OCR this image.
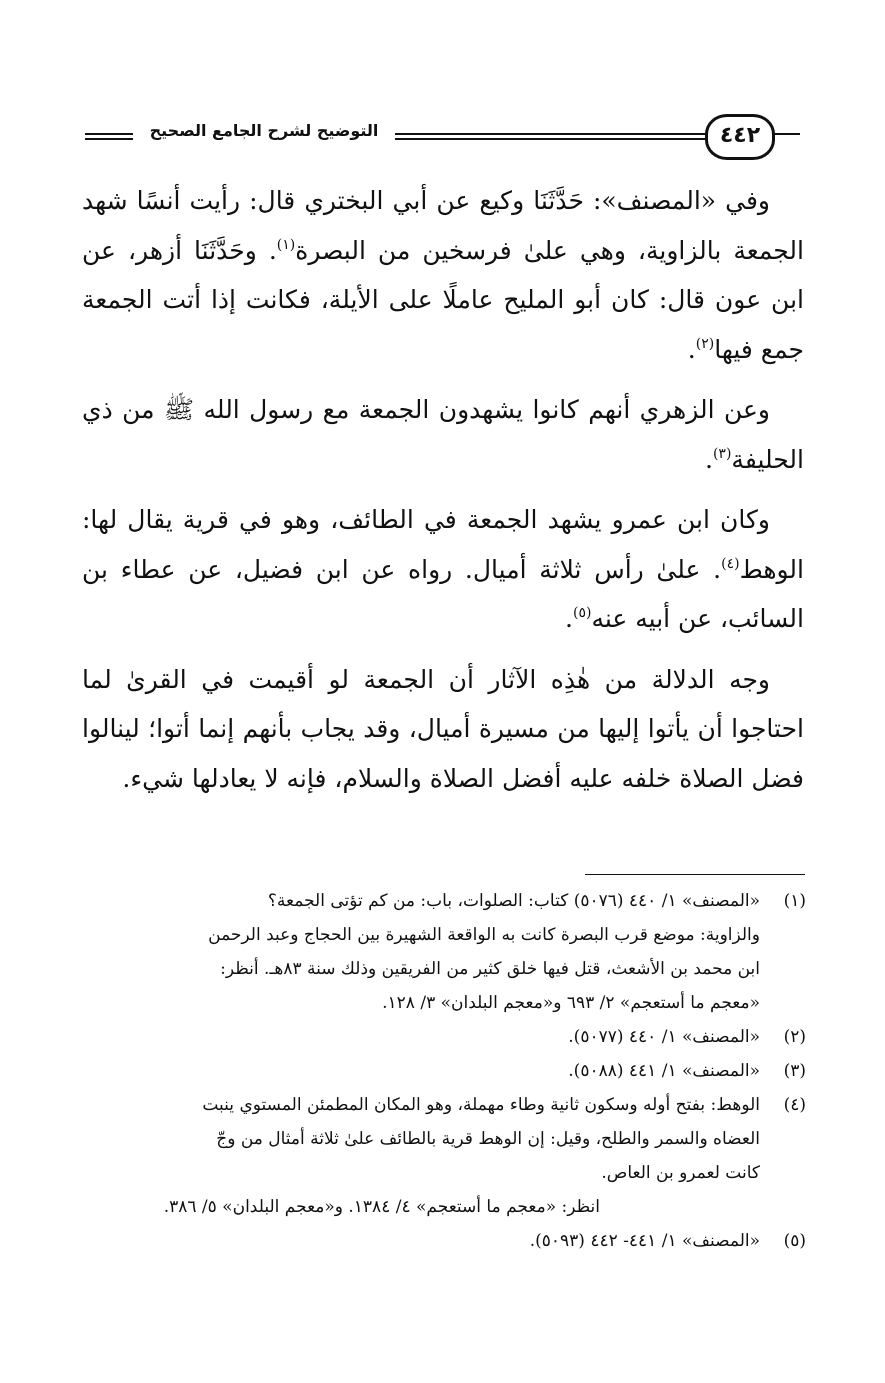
التوضيح لشرح الجامع الصحيح	٤٤٢

وفي «المصنف»: حَدَّثَنَا وكيع عن أبي البختري قال: رأيت أنسًا شهد الجمعة بالزاوية، وهي علىٰ فرسخين من البصرة$^{(١)}$. وحَدَّثَنَا أزهر، عن ابن عون قال: كان أبو المليح عاملًا على الأيلة، فكانت إذا أتت الجمعة جمع فيها$^{(٢)}$.

وعن الزهري أنهم كانوا يشهدون الجمعة مع رسول الله ﷺ من ذي الحليفة$^{(٣)}$.

وكان ابن عمرو يشهد الجمعة في الطائف، وهو في قرية يقال لها: الوهط$^{(٤)}$. علىٰ رأس ثلاثة أميال. رواه عن ابن فضيل، عن عطاء بن السائب، عن أبيه عنه$^{(٥)}$.

وجه الدلالة من هٰذِه الآثار أن الجمعة لو أقيمت في القرىٰ لما احتاجوا أن يأتوا إليها من مسيرة أميال، وقد يجاب بأنهم إنما أتوا؛ لينالوا فضل الصلاة خلفه عليه أفضل الصلاة والسلام، فإنه لا يعادلها شيء.

(١)
«المصنف» ١/ ٤٤٠ (٥٠٧٦) كتاب: الصلوات، باب: من كم تؤتى الجمعة؟
والزاوية: موضع قرب البصرة كانت به الواقعة الشهيرة بين الحجاج وعبد الرحمن
ابن محمد بن الأشعث، قتل فيها خلق كثير من الفريقين وذلك سنة ٨٣هـ. أنظر:
«معجم ما أستعجم» ٢/ ٦٩٣ و«معجم البلدان» ٣/ ١٢٨.
(٢)
«المصنف» ١/ ٤٤٠ (٥٠٧٧).
(٣)
«المصنف» ١/ ٤٤١ (٥٠٨٨).
(٤)
الوهط: بفتح أوله وسكون ثانية وطاء مهملة، وهو المكان المطمئن المستوي ينبت
العضاه والسمر والطلح، وقيل: إن الوهط قرية بالطائف علىٰ ثلاثة أمثال من وجّ
كانت لعمرو بن العاص.
انظر: «معجم ما أستعجم» ٤/ ١٣٨٤. و«معجم البلدان» ٥/ ٣٨٦.
(٥)
«المصنف» ١/ ٤٤١- ٤٤٢ (٥٠٩٣).
